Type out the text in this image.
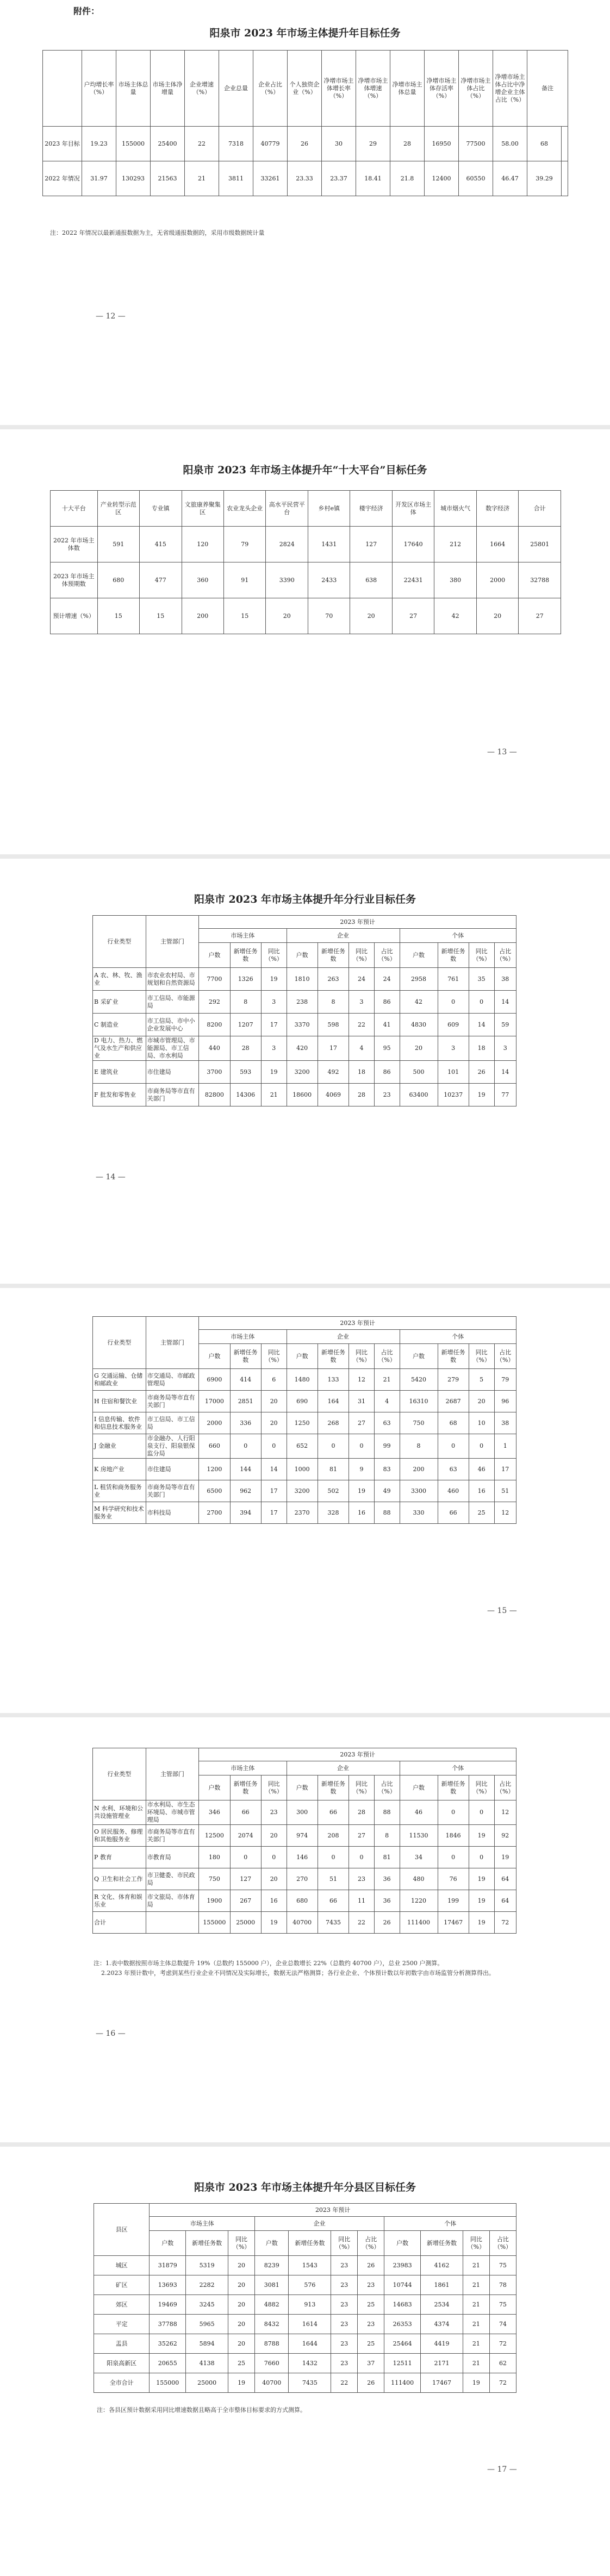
附件：
阳泉市 2023 年市场主体提升年目标任务
	户均增长率（%）	市场主体总量	市场主体净增量	企业增速（%）	企业总量	企业占比（%）	个人独资企业（%）	净增市场主体增长率（%）	净增市场主体增速（%）	净增市场主体总量	净增市场主体存活率（%）	净增市场主体占比（%）	净增市场主体占比中净增企业主体占比（%）	备注	
2023 年目标	19.23	155000	25400	22	7318	40779	26	30	29	28	16950	77500	58.00	68	
2022 年情况	31.97	130293	21563	21	3811	33261	23.33	23.37	18.41	21.8	12400	60550	46.47	39.29	
注：2022 年情况以最新通报数据为主，无省级通报数据的，采用市级数据统计量
— 12 —
阳泉市 2023 年市场主体提升年“十大平台”目标任务
十大平台	产业转型示范区	专业镇	文旅康养聚集区	农业龙头企业	高水平民营平台	乡村e镇	楼宇经济	开发区市场主体	城市烟火气	数字经济	合计
2022 年市场主体数	591	415	120	79	2824	1431	127	17640	212	1664	25801
2023 年市场主体预期数	680	477	360	91	3390	2433	638	22431	380	2000	32788
预计增速（%）	15	15	200	15	20	70	20	27	42	20	27
— 13 —
阳泉市 2023 年市场主体提升年分行业目标任务
行业类型	主管部门	2023 年预计										
		市场主体			企业				个体			
		户数	新增任务数	同比（%）	户数	新增任务数	同比（%）	占比（%）	户数	新增任务数	同比（%）	占比（%）
A 农、林、牧、渔业	市农业农村局、市规划和自然资源局	7700	1326	19	1810	263	24	24	2958	761	35	38
B 采矿业	市工信局、市能源局	292	8	3	238	8	3	86	42	0	0	14
C 制造业	市工信局、市中小企业发展中心	8200	1207	17	3370	598	22	41	4830	609	14	59
D 电力、热力、燃气及水生产和供应业	市城市管理局、市能源局、市工信局、市水利局	440	28	3	420	17	4	95	20	3	18	3
E 建筑业	市住建局	3700	593	19	3200	492	18	86	500	101	26	14
F 批发和零售业	市商务局等市直有关部门	82800	14306	21	18600	4069	28	23	63400	10237	19	77
— 14 —
行业类型	主管部门	2023 年预计										
		市场主体			企业				个体			
		户数	新增任务数	同比（%）	户数	新增任务数	同比（%）	占比（%）	户数	新增任务数	同比（%）	占比（%）
G 交通运输、仓储和邮政业	市交通局、市邮政管理局	6900	414	6	1480	133	12	21	5420	279	5	79
H 住宿和餐饮业	市商务局等市直有关部门	17000	2851	20	690	164	31	4	16310	2687	20	96
I 信息传输、软件和信息技术服务业	市工信局、市工信局	2000	336	20	1250	268	27	63	750	68	10	38
J 金融业	市金融办、人行阳泉支行、阳泉银保监分局	660	0	0	652	0	0	99	8	0	0	1
K 房地产业	市住建局	1200	144	14	1000	81	9	83	200	63	46	17
L 租赁和商务服务业	市商务局等市直有关部门	6500	962	17	3200	502	19	49	3300	460	16	51
M 科学研究和技术服务业	市科技局	2700	394	17	2370	328	16	88	330	66	25	12
— 15 —
行业类型	主管部门	2023 年预计										
		市场主体			企业				个体			
		户数	新增任务数	同比（%）	户数	新增任务数	同比（%）	占比（%）	户数	新增任务数	同比（%）	占比（%）
N 水利、环境和公共设施管理业	市水利局、市生态环境局、市城市管理局	346	66	23	300	66	28	88	46	0	0	12
O 居民服务、修理和其他服务业	市商务局等市直有关部门	12500	2074	20	974	208	27	8	11530	1846	19	92
P 教育	市教育局	180	0	0	146	0	0	81	34	0	0	19
Q 卫生和社会工作	市卫健委、市民政局	750	127	20	270	51	23	36	480	76	19	64
R 文化、体育和娱乐业	市文旅局、市体育局	1900	267	16	680	66	11	36	1220	199	19	64
合计		155000	25000	19	40700	7435	22	26	111400	17467	19	72
注：1.表中数据按照市场主体总数提升 19%（总数约 155000 户），企业总数增长 22%（总数约 40700 户），总业 2500 户测算。
2.2023 年预计数中，考虑到某些行业企业不同情况及实际增长，数据无法严格测算；各行业企业、个体预计数以年初数字由市场监管分析测算得出。
— 16 —
阳泉市 2023 年市场主体提升年分县区目标任务
县区	2023 年预计										
	市场主体			企业				个体			
	户数	新增任务数	同比（%）	户数	新增任务数	同比（%）	占比（%）	户数	新增任务数	同比（%）	占比（%）
城区	31879	5319	20	8239	1543	23	26	23983	4162	21	75
矿区	13693	2282	20	3081	576	23	23	10744	1861	21	78
郊区	19469	3245	20	4882	913	23	25	14683	2534	21	75
平定	37788	5965	20	8432	1614	23	23	26353	4374	21	74
盂县	35262	5894	20	8788	1644	23	25	25464	4419	21	72
阳泉高新区	20655	4138	25	7660	1432	23	37	12511	2171	21	62
全市合计	155000	25000	19	40700	7435	22	26	111400	17467	19	72
注：各县区预计数据采用同比增速数据且略高于全市整体目标要求的方式测算。
— 17 —
